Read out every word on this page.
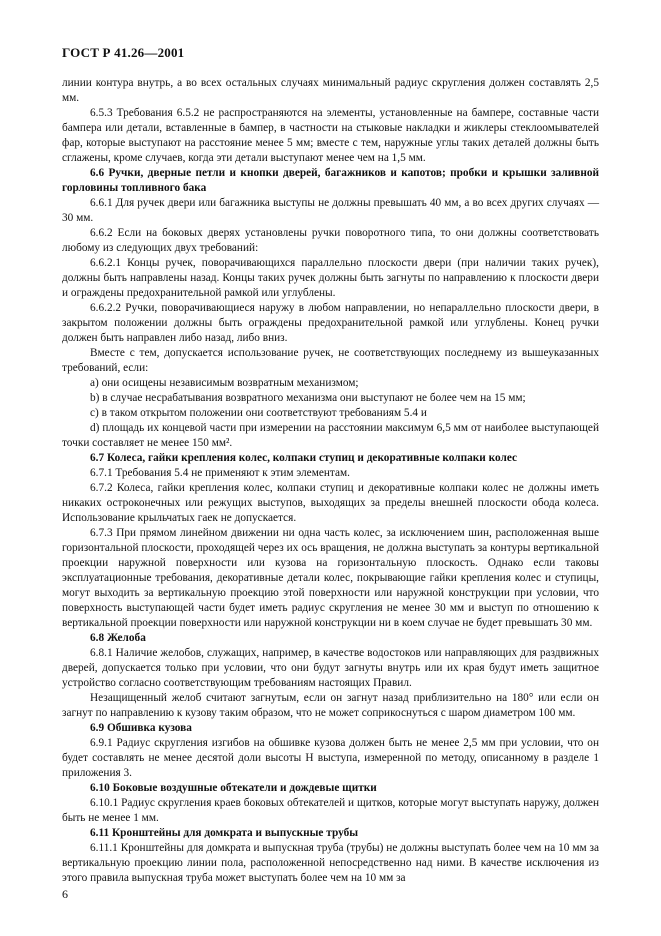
ГОСТ Р 41.26—2001

линии контура внутрь, а во всех остальных случаях минимальный радиус скругления должен составлять 2,5 мм.

6.5.3 Требования 6.5.2 не распространяются на элементы, установленные на бампере, составные части бампера или детали, вставленные в бампер, в частности на стыковые накладки и жиклеры стеклоомывателей фар, которые выступают на расстояние менее 5 мм; вместе с тем, наружные углы таких деталей должны быть сглажены, кроме случаев, когда эти детали выступают менее чем на 1,5 мм.

6.6 Ручки, дверные петли и кнопки дверей, багажников и капотов; пробки и крышки заливной горловины топливного бака

6.6.1 Для ручек двери или багажника выступы не должны превышать 40 мм, а во всех других случаях — 30 мм.

6.6.2 Если на боковых дверях установлены ручки поворотного типа, то они должны соответствовать любому из следующих двух требований:

6.6.2.1 Концы ручек, поворачивающихся параллельно плоскости двери (при наличии таких ручек), должны быть направлены назад. Концы таких ручек должны быть загнуты по направлению к плоскости двери и ограждены предохранительной рамкой или углублены.

6.6.2.2 Ручки, поворачивающиеся наружу в любом направлении, но непараллельно плоскости двери, в закрытом положении должны быть ограждены предохранительной рамкой или углублены. Конец ручки должен быть направлен либо назад, либо вниз.

Вместе с тем, допускается использование ручек, не соответствующих последнему из вышеуказанных требований, если:

a) они осищены независимым возвратным механизмом;

b) в случае несрабатывания возвратного механизма они выступают не более чем на 15 мм;

c) в таком открытом положении они соответствуют требованиям 5.4 и

d) площадь их концевой части при измерении на расстоянии максимум 6,5 мм от наиболее выступающей точки составляет не менее 150 мм².

6.7 Колеса, гайки крепления колес, колпаки ступиц и декоративные колпаки колес

6.7.1 Требования 5.4 не применяют к этим элементам.

6.7.2 Колеса, гайки крепления колес, колпаки ступиц и декоративные колпаки колес не должны иметь никаких остроконечных или режущих выступов, выходящих за пределы внешней плоскости обода колеса. Использование крыльчатых гаек не допускается.

6.7.3 При прямом линейном движении ни одна часть колес, за исключением шин, расположенная выше горизонтальной плоскости, проходящей через их ось вращения, не должна выступать за контуры вертикальной проекции наружной поверхности или кузова на горизонтальную плоскость. Однако если таковы эксплуатационные требования, декоративные детали колес, покрывающие гайки крепления колес и ступицы, могут выходить за вертикальную проекцию этой поверхности или наружной конструкции при условии, что поверхность выступающей части будет иметь радиус скругления не менее 30 мм и выступ по отношению к вертикальной проекции поверхности или наружной конструкции ни в коем случае не будет превышать 30 мм.

6.8 Желоба

6.8.1 Наличие желобов, служащих, например, в качестве водостоков или направляющих для раздвижных дверей, допускается только при условии, что они будут загнуты внутрь или их края будут иметь защитное устройство согласно соответствующим требованиям настоящих Правил.

Незащищенный желоб считают загнутым, если он загнут назад приблизительно на 180° или если он загнут по направлению к кузову таким образом, что не может соприкоснуться с шаром диаметром 100 мм.

6.9 Обшивка кузова

6.9.1 Радиус скругления изгибов на обшивке кузова должен быть не менее 2,5 мм при условии, что он будет составлять не менее десятой доли высоты H выступа, измеренной по методу, описанному в разделе 1 приложения 3.

6.10 Боковые воздушные обтекатели и дождевые щитки

6.10.1 Радиус скругления краев боковых обтекателей и щитков, которые могут выступать наружу, должен быть не менее 1 мм.

6.11 Кронштейны для домкрата и выпускные трубы

6.11.1 Кронштейны для домкрата и выпускная труба (трубы) не должны выступать более чем на 10 мм за вертикальную проекцию линии пола, расположенной непосредственно над ними. В качестве исключения из этого правила выпускная труба может выступать более чем на 10 мм за

6
